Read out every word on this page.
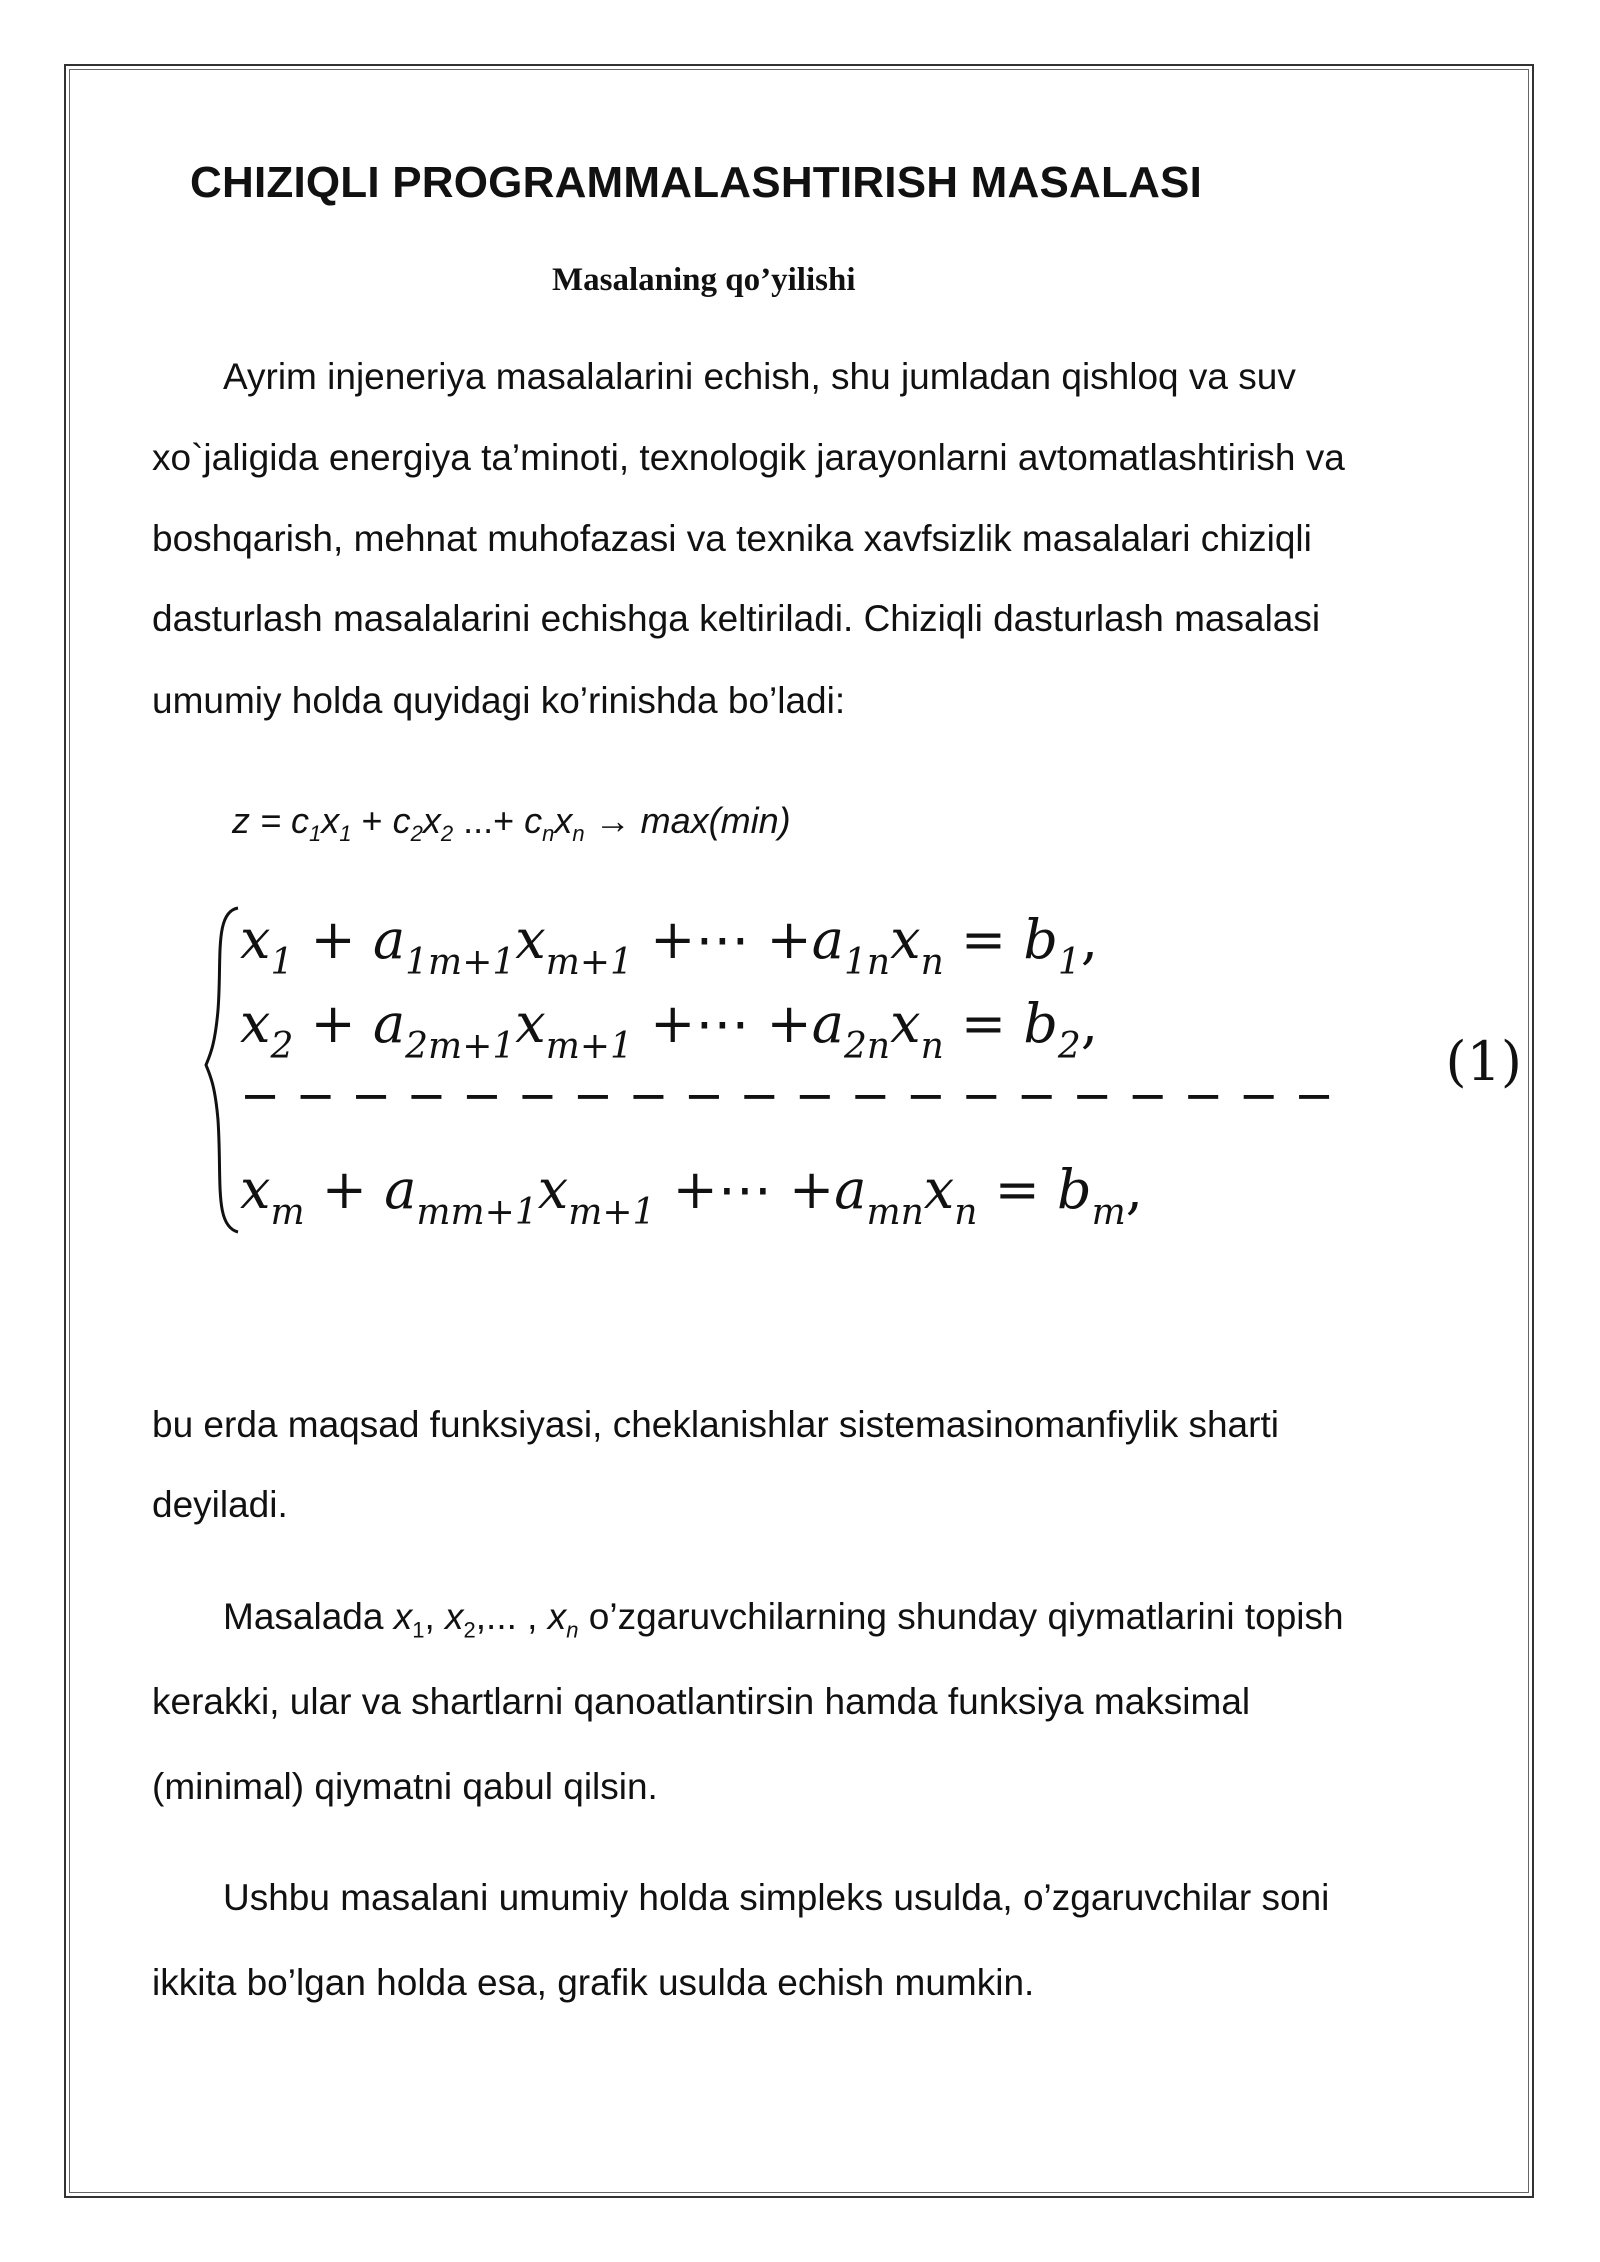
CHIZIQLI PROGRAMMALASHTIRISH MASALASI
Masalaning qo’yilishi
Ayrim injeneriya masalalarini echish, shu jumladan qishloq va suv
xo`jaligida energiya ta’minoti, texnologik jarayonlarni avtomatlashtirish va
boshqarish, mehnat muhofazasi va texnika xavfsizlik masalalari chiziqli
dasturlash masalalarini echishga keltiriladi. Chiziqli dasturlash masalasi
umumiy holda quyidagi ko’rinishda bo’ladi:
$z = c_1x_1 + c_2x_2$ ...+ $c_nx_n \to \max(\min)$
$x_1 + a_{1m+1}x_{m+1}$ +⋯ $+a_{1n}x_n = b_1$,
$x_2 + a_{2m+1}x_{m+1}$ +⋯ $+a_{2n}x_n = b_2$,
− − − − − − − − − − − − − − − − − − − −
$x_m + a_{mm+1}x_{m+1}$ +⋯ $+a_{mn}x_n = b_m$,
(1)
bu erda maqsad funksiyasi, cheklanishlar sistemasinomanfiylik sharti
deyiladi.
Masalada $x_1$, $x_2$,... , $x_n$ o’zgaruvchilarning shunday qiymatlarini topish
kerakki, ular va shartlarni qanoatlantirsin hamda funksiya maksimal
(minimal) qiymatni qabul qilsin.
Ushbu masalani umumiy holda simpleks usulda, o’zgaruvchilar soni
ikkita bo’lgan holda esa, grafik usulda echish mumkin.
